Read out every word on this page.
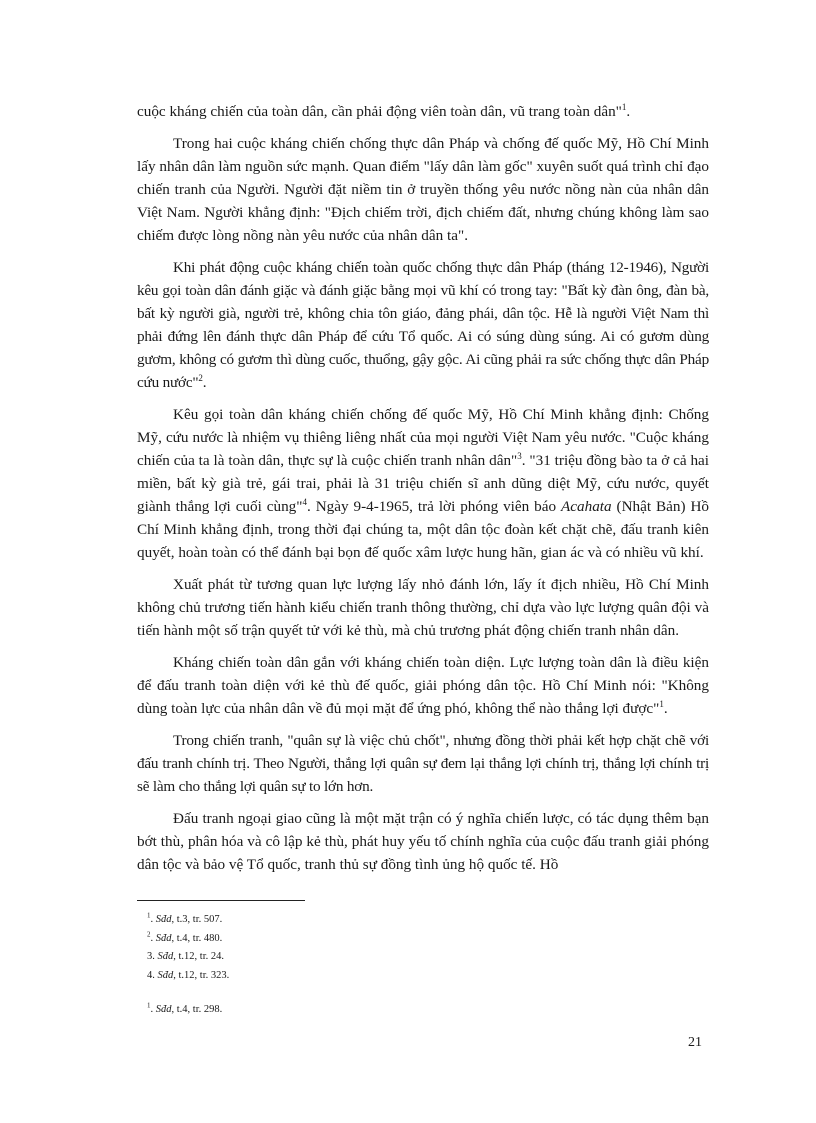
cuộc kháng chiến của toàn dân, cần phải động viên toàn dân, vũ trang toàn dân"$^1$.

Trong hai cuộc kháng chiến chống thực dân Pháp và chống đế quốc Mỹ, Hồ Chí Minh lấy nhân dân làm nguồn sức mạnh. Quan điểm "lấy dân làm gốc" xuyên suốt quá trình chỉ đạo chiến tranh của Người. Người đặt niềm tin ở truyền thống yêu nước nồng nàn của nhân dân Việt Nam. Người khẳng định: "Địch chiếm trời, địch chiếm đất, nhưng chúng không làm sao chiếm được lòng nồng nàn yêu nước của nhân dân ta".

Khi phát động cuộc kháng chiến toàn quốc chống thực dân Pháp (tháng 12-1946), Người kêu gọi toàn dân đánh giặc và đánh giặc bằng mọi vũ khí có trong tay: "Bất kỳ đàn ông, đàn bà, bất kỳ người già, người trẻ, không chia tôn giáo, đảng phái, dân tộc. Hễ là người Việt Nam thì phải đứng lên đánh thực dân Pháp để cứu Tổ quốc. Ai có súng dùng súng. Ai có gươm dùng gươm, không có gươm thì dùng cuốc, thuổng, gậy gộc. Ai cũng phải ra sức chống thực dân Pháp cứu nước"$^2$.

Kêu gọi toàn dân kháng chiến chống đế quốc Mỹ, Hồ Chí Minh khẳng định: Chống Mỹ, cứu nước là nhiệm vụ thiêng liêng nhất của mọi người Việt Nam yêu nước. "Cuộc kháng chiến của ta là toàn dân, thực sự là cuộc chiến tranh nhân dân"$^3$. "31 triệu đồng bào ta ở cả hai miền, bất kỳ già trẻ, gái trai, phải là 31 triệu chiến sĩ anh dũng diệt Mỹ, cứu nước, quyết giành thắng lợi cuối cùng"$^4$. Ngày 9-4-1965, trả lời phóng viên báo Acahata (Nhật Bản) Hồ Chí Minh khẳng định, trong thời đại chúng ta, một dân tộc đoàn kết chặt chẽ, đấu tranh kiên quyết, hoàn toàn có thể đánh bại bọn đế quốc xâm lược hung hãn, gian ác và có nhiều vũ khí.

Xuất phát từ tương quan lực lượng lấy nhỏ đánh lớn, lấy ít địch nhiều, Hồ Chí Minh không chủ trương tiến hành kiểu chiến tranh thông thường, chỉ dựa vào lực lượng quân đội và tiến hành một số trận quyết tử với kẻ thù, mà chủ trương phát động chiến tranh nhân dân.

Kháng chiến toàn dân gắn với kháng chiến toàn diện. Lực lượng toàn dân là điều kiện để đấu tranh toàn diện với kẻ thù đế quốc, giải phóng dân tộc. Hồ Chí Minh nói: "Không dùng toàn lực của nhân dân về đủ mọi mặt để ứng phó, không thể nào thắng lợi được"$^1$.

Trong chiến tranh, "quân sự là việc chủ chốt", nhưng đồng thời phải kết hợp chặt chẽ với đấu tranh chính trị. Theo Người, thắng lợi quân sự đem lại thắng lợi chính trị, thắng lợi chính trị sẽ làm cho thắng lợi quân sự to lớn hơn.

Đấu tranh ngoại giao cũng là một mặt trận có ý nghĩa chiến lược, có tác dụng thêm bạn bớt thù, phân hóa và cô lập kẻ thù, phát huy yếu tố chính nghĩa của cuộc đấu tranh giải phóng dân tộc và bảo vệ Tổ quốc, tranh thủ sự đồng tình ủng hộ quốc tế. Hồ

$^1$. Sđd, t.3, tr. 507.

$^2$. Sđd, t.4, tr. 480.

3. Sđd, t.12, tr. 24.

4. Sđd, t.12, tr. 323.

$^1$. Sđd, t.4, tr. 298.

21
